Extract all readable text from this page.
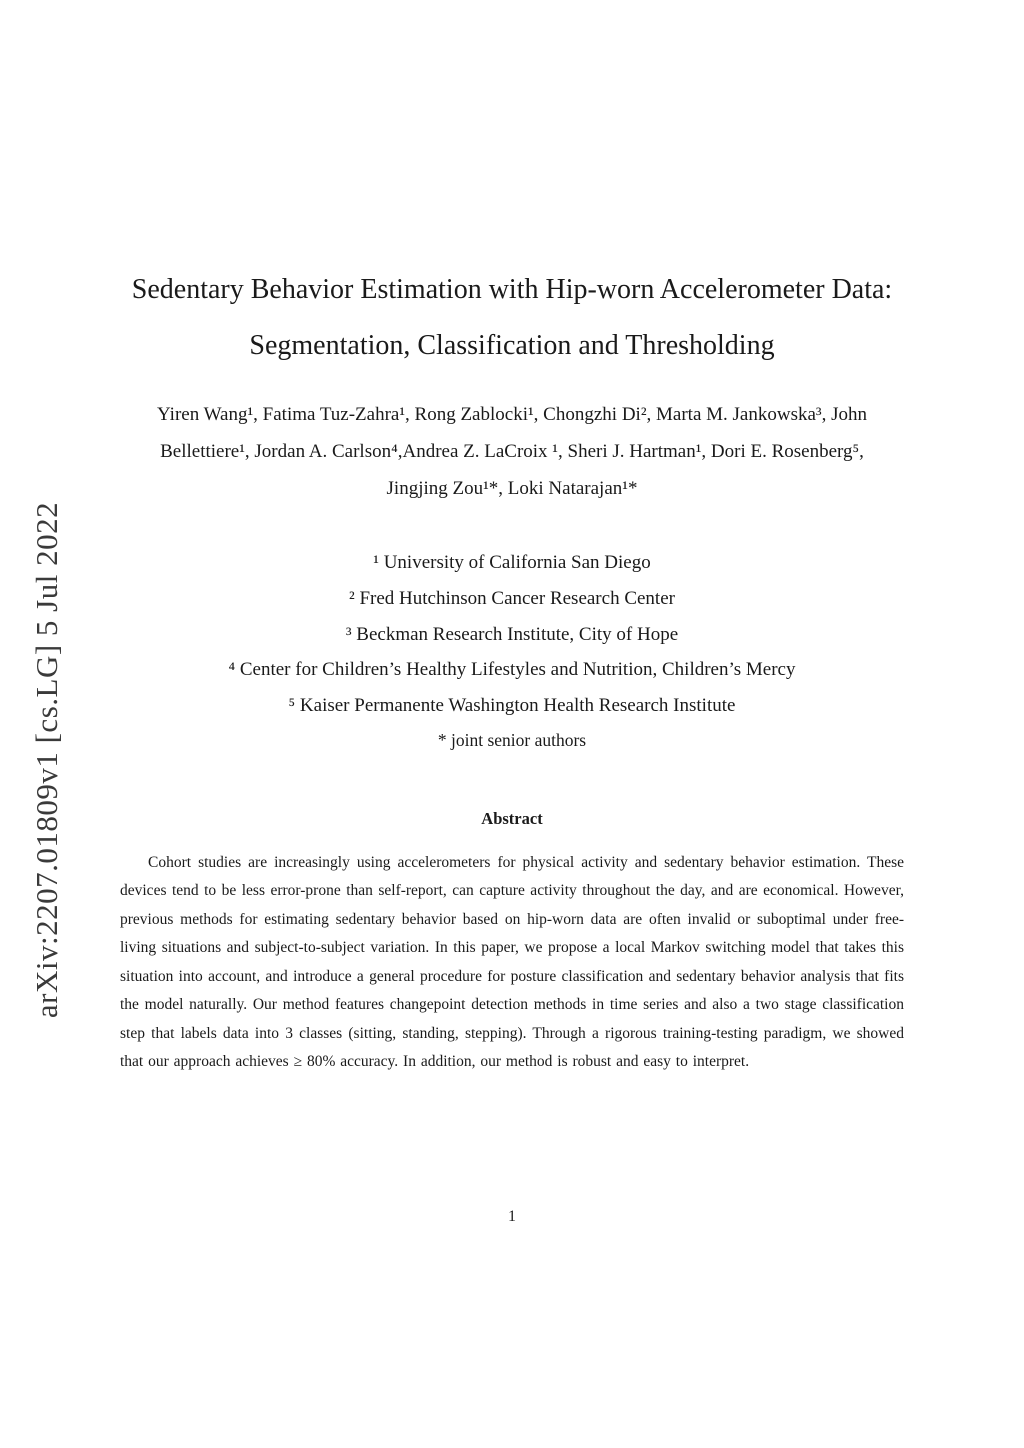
arXiv:2207.01809v1 [cs.LG] 5 Jul 2022
Sedentary Behavior Estimation with Hip-worn Accelerometer Data:
Segmentation, Classification and Thresholding
Yiren Wang¹, Fatima Tuz-Zahra¹, Rong Zablocki¹, Chongzhi Di², Marta M. Jankowska³, John
Bellettiere¹, Jordan A. Carlson⁴,Andrea Z. LaCroix ¹, Sheri J. Hartman¹, Dori E. Rosenberg⁵,
Jingjing Zou¹*, Loki Natarajan¹*
¹ University of California San Diego
² Fred Hutchinson Cancer Research Center
³ Beckman Research Institute, City of Hope
⁴ Center for Children’s Healthy Lifestyles and Nutrition, Children’s Mercy
⁵ Kaiser Permanente Washington Health Research Institute
* joint senior authors
Abstract
Cohort studies are increasingly using accelerometers for physical activity and sedentary behavior estimation. These devices tend to be less error-prone than self-report, can capture activity throughout the day, and are economical. However, previous methods for estimating sedentary behavior based on hip-worn data are often invalid or suboptimal under free-living situations and subject-to-subject variation. In this paper, we propose a local Markov switching model that takes this situation into account, and introduce a general procedure for posture classification and sedentary behavior analysis that fits the model naturally. Our method features changepoint detection methods in time series and also a two stage classification step that labels data into 3 classes (sitting, standing, stepping). Through a rigorous training-testing paradigm, we showed that our approach achieves ≥ 80% accuracy. In addition, our method is robust and easy to interpret.
1
